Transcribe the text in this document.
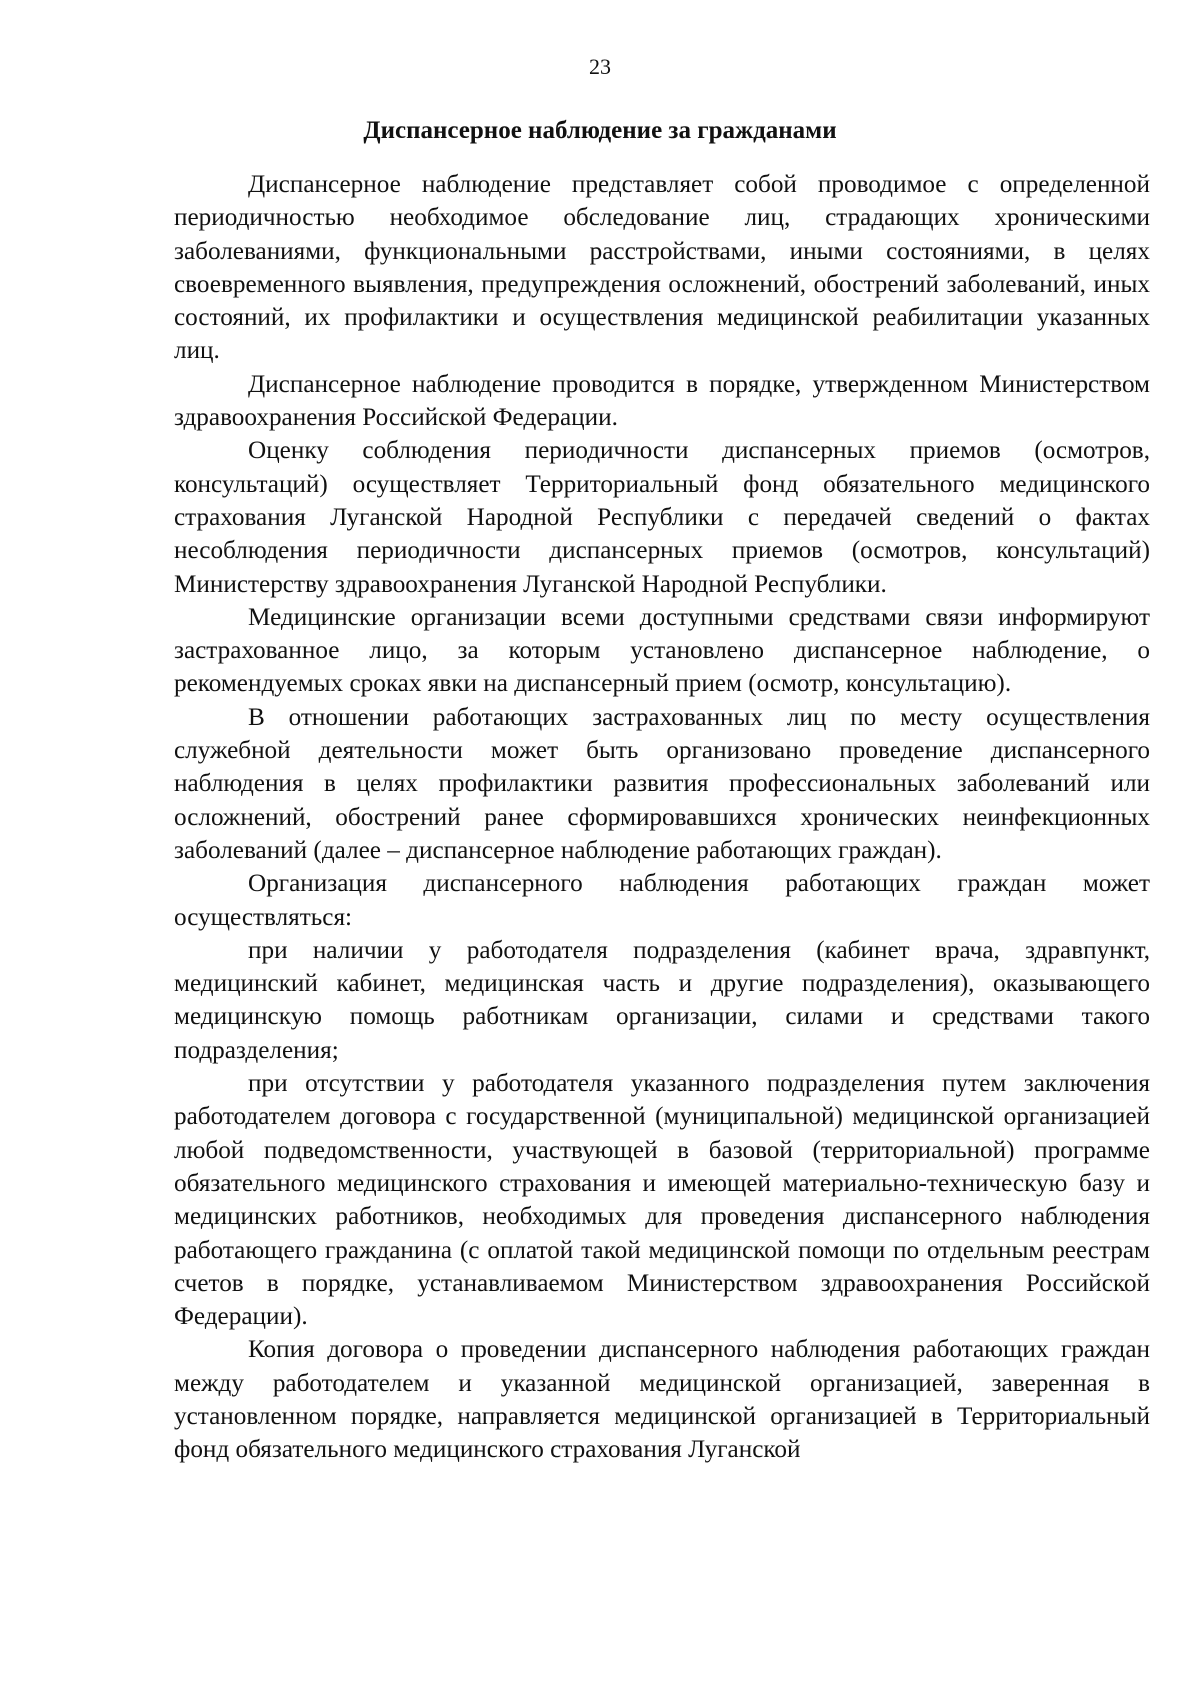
23
Диспансерное наблюдение за гражданами

Диспансерное наблюдение представляет собой проводимое с определенной периодичностью необходимое обследование лиц, страдающих хроническими заболеваниями, функциональными расстройствами, иными состояниями, в целях своевременного выявления, предупреждения осложнений, обострений заболеваний, иных состояний, их профилактики и осуществления медицинской реабилитации указанных лиц.

Диспансерное наблюдение проводится в порядке, утвержденном Министерством здравоохранения Российской Федерации.

Оценку соблюдения периодичности диспансерных приемов (осмотров, консультаций) осуществляет Территориальный фонд обязательного медицинского страхования Луганской Народной Республики с передачей сведений о фактах несоблюдения периодичности диспансерных приемов (осмотров, консультаций) Министерству здравоохранения Луганской Народной Республики.

Медицинские организации всеми доступными средствами связи информируют застрахованное лицо, за которым установлено диспансерное наблюдение, о рекомендуемых сроках явки на диспансерный прием (осмотр, консультацию).

В отношении работающих застрахованных лиц по месту осуществления служебной деятельности может быть организовано проведение диспансерного наблюдения в целях профилактики развития профессиональных заболеваний или осложнений, обострений ранее сформировавшихся хронических неинфекционных заболеваний (далее – диспансерное наблюдение работающих граждан).

Организация диспансерного наблюдения работающих граждан может осуществляться:

при наличии у работодателя подразделения (кабинет врача, здравпункт, медицинский кабинет, медицинская часть и другие подразделения), оказывающего медицинскую помощь работникам организации, силами и средствами такого подразделения;

при отсутствии у работодателя указанного подразделения путем заключения работодателем договора с государственной (муниципальной) медицинской организацией любой подведомственности, участвующей в базовой (территориальной) программе обязательного медицинского страхования и имеющей материально-техническую базу и медицинских работников, необходимых для проведения диспансерного наблюдения работающего гражданина (с оплатой такой медицинской помощи по отдельным реестрам счетов в порядке, устанавливаемом Министерством здравоохранения Российской Федерации).

Копия договора о проведении диспансерного наблюдения работающих граждан между работодателем и указанной медицинской организацией, заверенная в установленном порядке, направляется медицинской организацией в Территориальный фонд обязательного медицинского страхования Луганской
